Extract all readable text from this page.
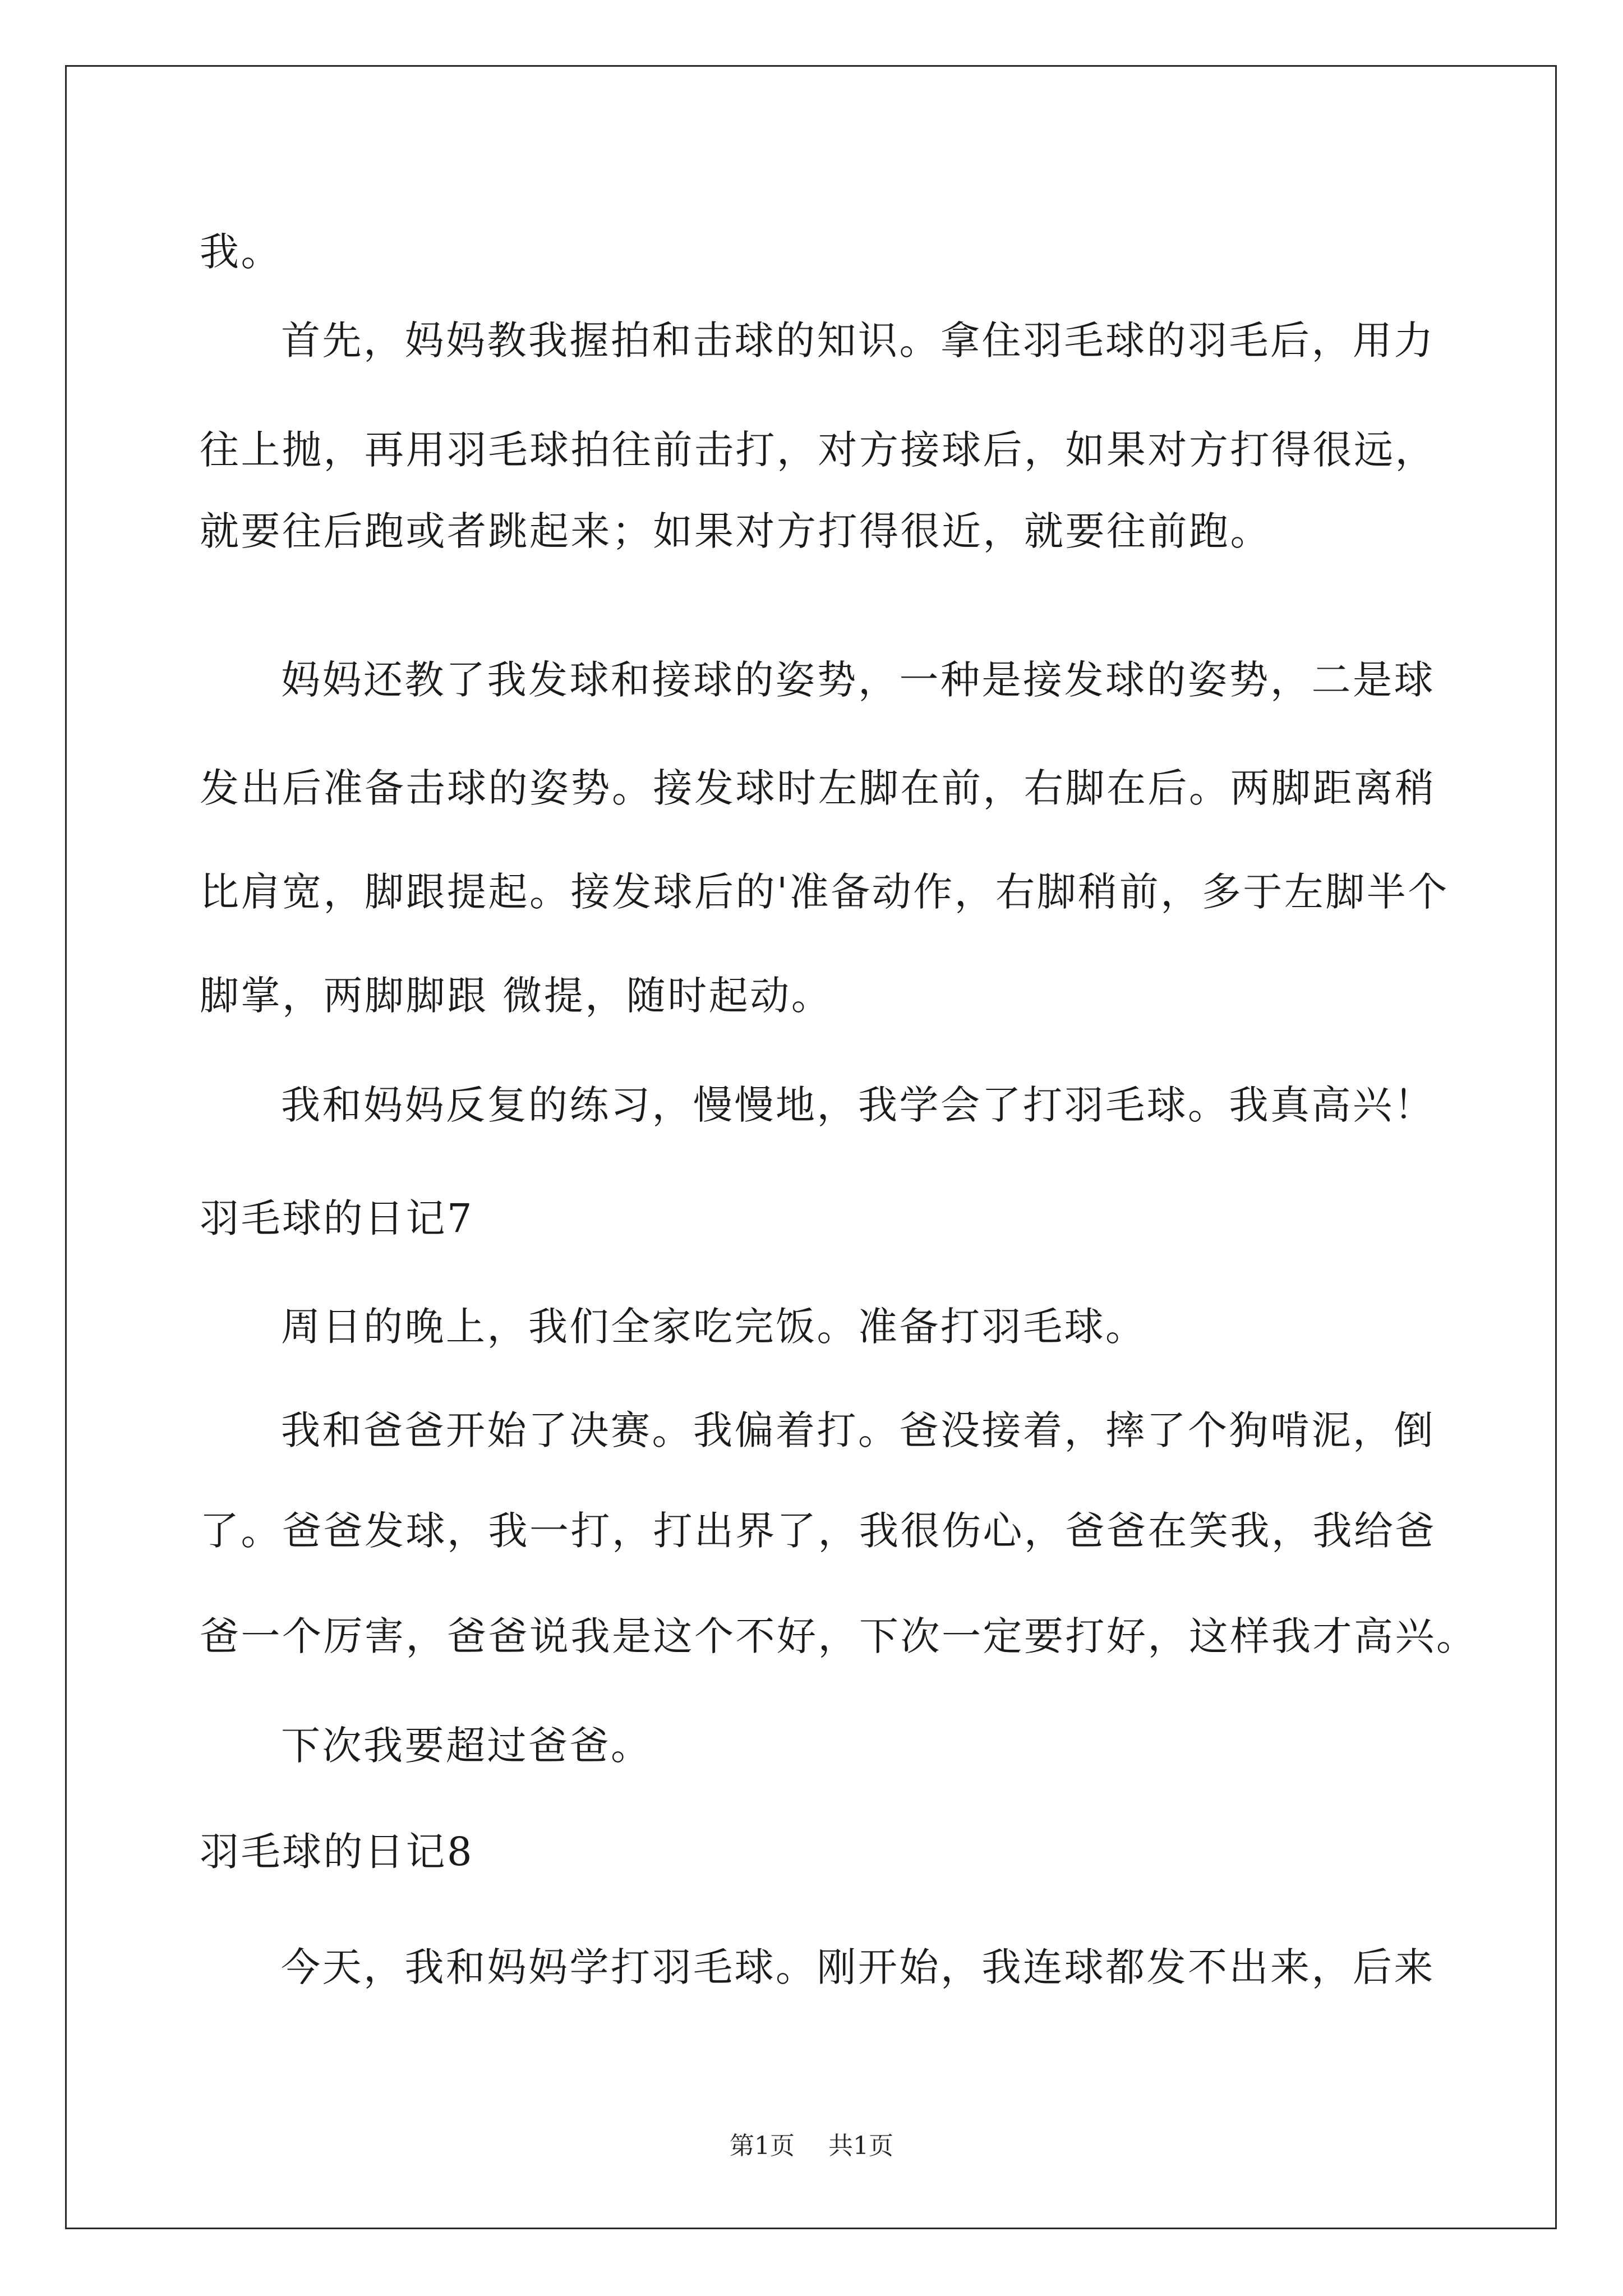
我。
首先，妈妈教我握拍和击球的知识。拿住羽毛球的羽毛后，用力
往上抛，再用羽毛球拍往前击打，对方接球后，如果对方打得很远，
就要往后跑或者跳起来；如果对方打得很近，就要往前跑。
妈妈还教了我发球和接球的姿势，一种是接发球的姿势，二是球
发出后准备击球的姿势。接发球时左脚在前，右脚在后。两脚距离稍
比肩宽，脚跟提起。接发球后的'准备动作，右脚稍前，多于左脚半个
脚掌，两脚脚跟 微提，随时起动。
我和妈妈反复的练习，慢慢地，我学会了打羽毛球。我真高兴！
羽毛球的日记7
周日的晚上，我们全家吃完饭。准备打羽毛球。
我和爸爸开始了决赛。我偏着打。爸没接着，摔了个狗啃泥，倒
了。爸爸发球，我一打，打出界了，我很伤心，爸爸在笑我，我给爸
爸一个厉害，爸爸说我是这个不好，下次一定要打好，这样我才高兴。
下次我要超过爸爸。
羽毛球的日记8
今天，我和妈妈学打羽毛球。刚开始，我连球都发不出来，后来
第1页 共1页
